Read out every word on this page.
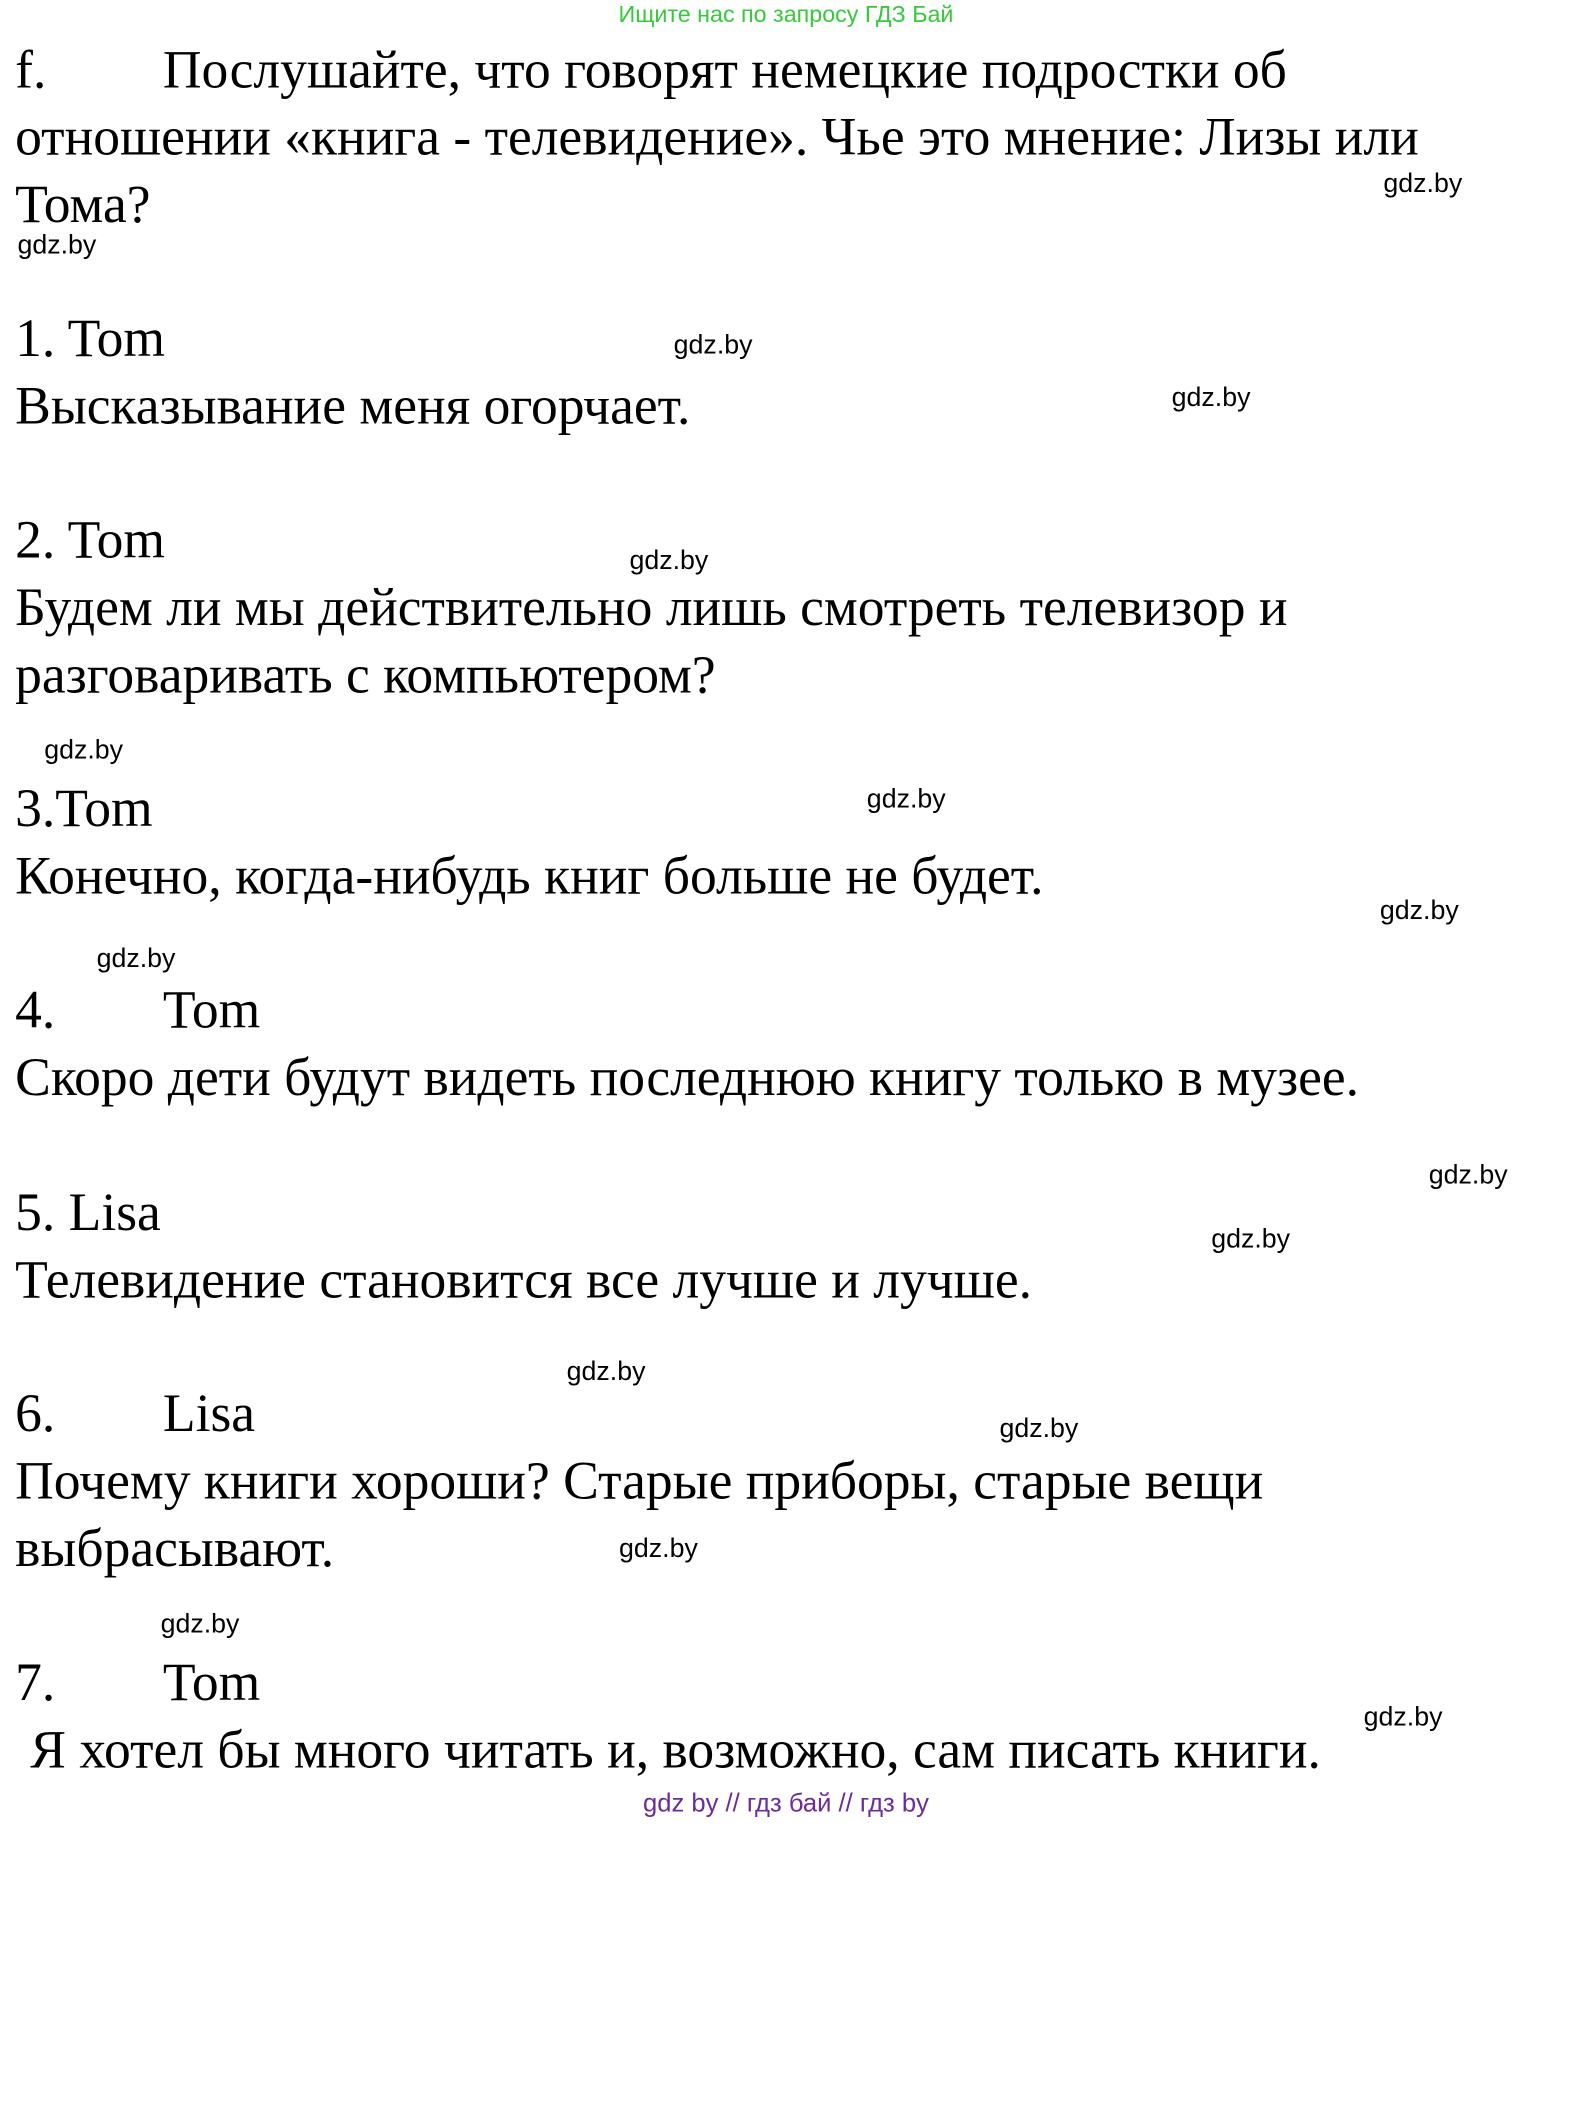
Ищите нас по запросу ГДЗ Бай
f.	Послушайте, что говорят немецкие подростки об
отношении «книга - телевидение». Чье это мнение: Лизы или
Тома?
1. Tom
Высказывание меня огорчает.
2. Tom
Будем ли мы действительно лишь смотреть телевизор и
разговаривать с компьютером?
3.Tom
Конечно, когда-нибудь книг больше не будет.
4. Tom
Скоро дети будут видеть последнюю книгу только в музее.
5. Lisa
Телевидение становится все лучше и лучше.
6. Lisa
Почему книги хороши? Старые приборы, старые вещи
выбрасывают.
7. Tom
Я хотел бы много читать и, возможно, сам писать книги.
gdz.by
gdz.by
gdz.by
gdz.by
gdz.by
gdz.by
gdz.by
gdz.by
gdz.by
gdz.by
gdz.by
gdz.by
gdz.by
gdz.by
gdz.by
gdz.by
gdz by // гдз бай // гдз by
